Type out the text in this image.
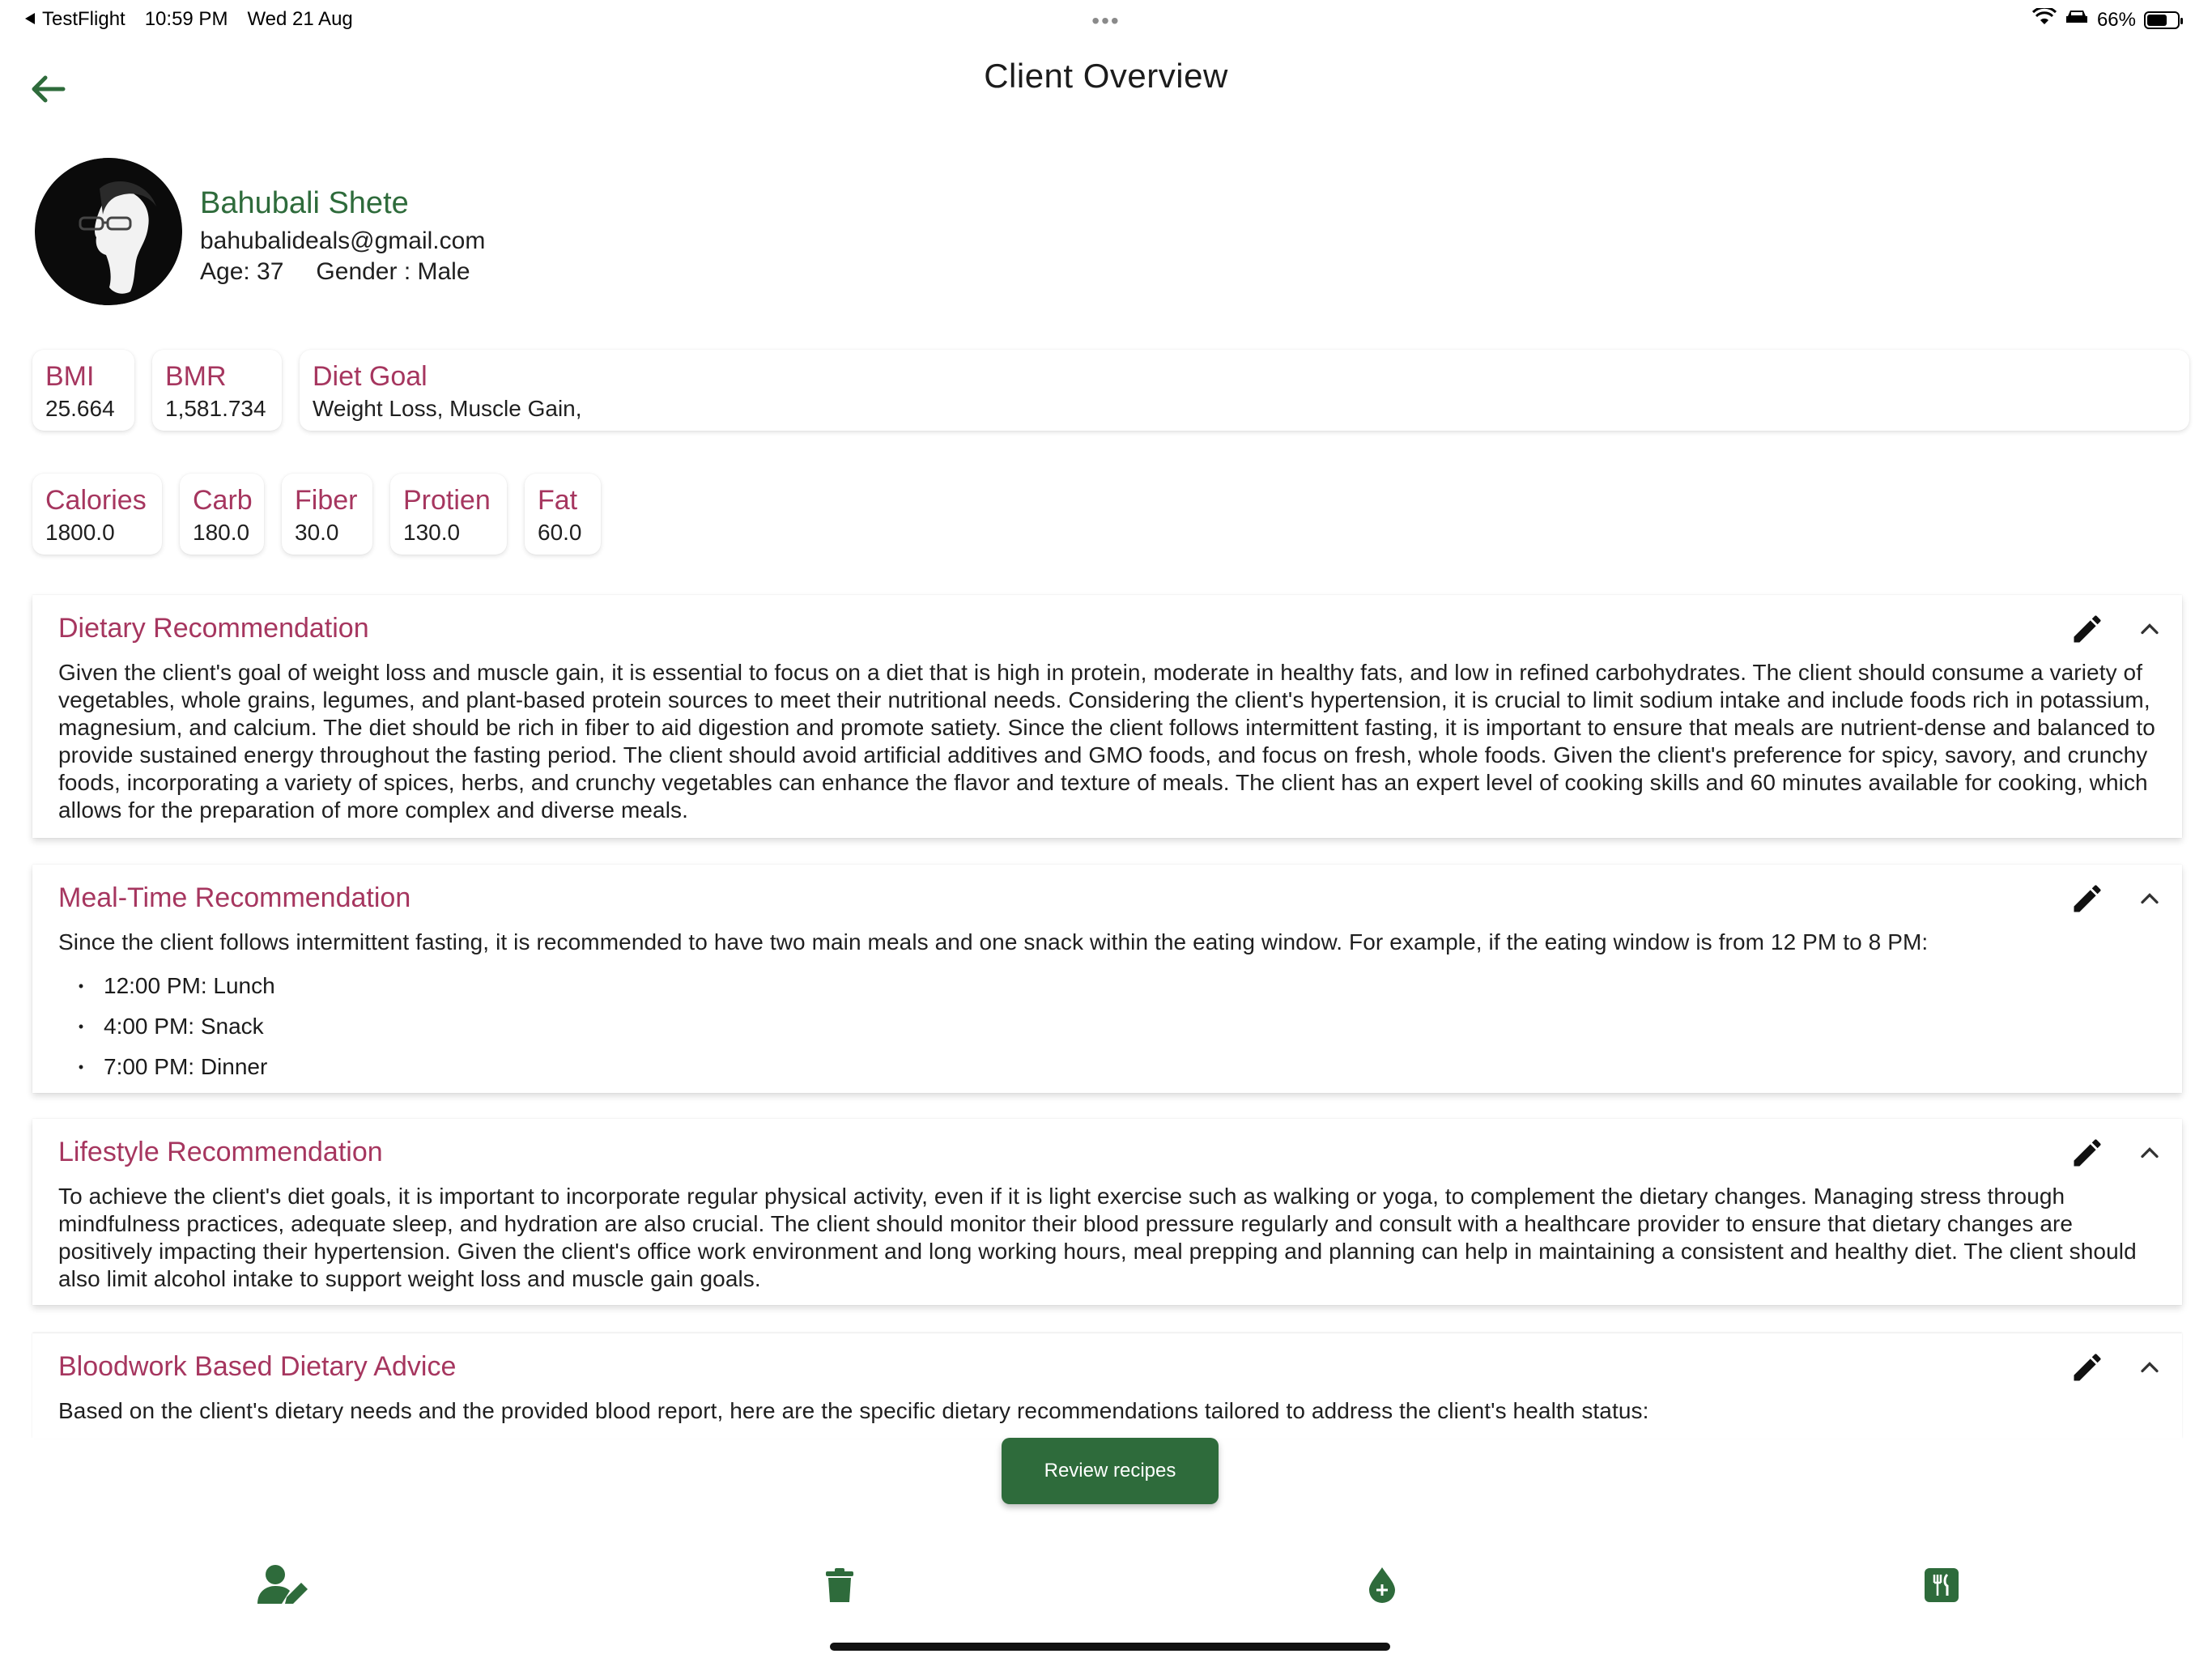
TestFlight 10:59 PM Wed 21 Aug	•••	66%
Client Overview
Bahubali Shete
bahubalideals@gmail.com
Age: 37 Gender : Male
BMI
25.664
BMR
1,581.734
Diet Goal
Weight Loss, Muscle Gain,
Calories
1800.0
Carb
180.0
Fiber
30.0
Protien
130.0
Fat
60.0
Dietary Recommendation
Given the client's goal of weight loss and muscle gain, it is essential to focus on a diet that is high in protein, moderate in healthy fats, and low in refined carbohydrates. The client should consume a variety of vegetables, whole grains, legumes, and plant-based protein sources to meet their nutritional needs. Considering the client's hypertension, it is crucial to limit sodium intake and include foods rich in potassium, magnesium, and calcium. The diet should be rich in fiber to aid digestion and promote satiety. Since the client follows intermittent fasting, it is important to ensure that meals are nutrient-dense and balanced to provide sustained energy throughout the fasting period. The client should avoid artificial additives and GMO foods, and focus on fresh, whole foods. Given the client's preference for spicy, savory, and crunchy foods, incorporating a variety of spices, herbs, and crunchy vegetables can enhance the flavor and texture of meals. The client has an expert level of cooking skills and 60 minutes available for cooking, which allows for the preparation of more complex and diverse meals.
Meal-Time Recommendation
Since the client follows intermittent fasting, it is recommended to have two main meals and one snack within the eating window. For example, if the eating window is from 12 PM to 8 PM:
• 12:00 PM: Lunch
• 4:00 PM: Snack
• 7:00 PM: Dinner
Lifestyle Recommendation
To achieve the client's diet goals, it is important to incorporate regular physical activity, even if it is light exercise such as walking or yoga, to complement the dietary changes. Managing stress through mindfulness practices, adequate sleep, and hydration are also crucial. The client should monitor their blood pressure regularly and consult with a healthcare provider to ensure that dietary changes are positively impacting their hypertension. Given the client's office work environment and long working hours, meal prepping and planning can help in maintaining a consistent and healthy diet. The client should also limit alcohol intake to support weight loss and muscle gain goals.
Bloodwork Based Dietary Advice
Based on the client's dietary needs and the provided blood report, here are the specific dietary recommendations tailored to address the client's health status:
Review recipes
